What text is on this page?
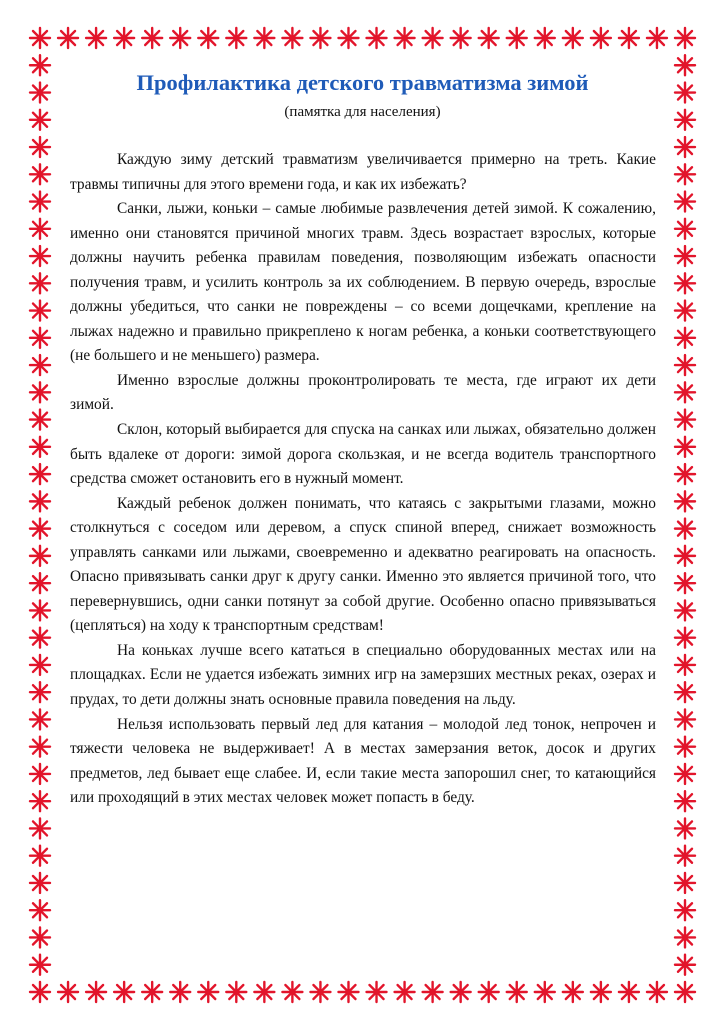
Профилактика детского травматизма зимой
(памятка для населения)

Каждую зиму детский травматизм увеличивается примерно на треть. Какие травмы типичны для этого времени года, и как их избежать?

Санки, лыжи, коньки – самые любимые развлечения детей зимой. К сожалению, именно они становятся причиной многих травм. Здесь возрастает взрослых, которые должны научить ребенка правилам поведения, позволяющим избежать опасности получения травм, и усилить контроль за их соблюдением. В первую очередь, взрослые должны убедиться, что санки не повреждены – со всеми дощечками, крепление на лыжах надежно и правильно прикреплено к ногам ребенка, а коньки соответствующего (не большего и не меньшего) размера.

Именно взрослые должны проконтролировать те места, где играют их дети зимой.

Склон, который выбирается для спуска на санках или лыжах, обязательно должен быть вдалеке от дороги: зимой дорога скользкая, и не всегда водитель транспортного средства сможет остановить его в нужный момент.

Каждый ребенок должен понимать, что катаясь с закрытыми глазами, можно столкнуться с соседом или деревом, а спуск спиной вперед, снижает возможность управлять санками или лыжами, своевременно и адекватно реагировать на опасность. Опасно привязывать санки друг к другу санки. Именно это является причиной того, что перевернувшись, одни санки потянут за собой другие. Особенно опасно привязываться (цепляться) на ходу к транспортным средствам!

На коньках лучше всего кататься в специально оборудованных местах или на площадках. Если не удается избежать зимних игр на замерзших местных реках, озерах и прудах, то дети должны знать основные правила поведения на льду.

Нельзя использовать первый лед для катания – молодой лед тонок, непрочен и тяжести человека не выдерживает! А в местах замерзания веток, досок и других предметов, лед бывает еще слабее. И, если такие места запорошил снег, то катающийся или проходящий в этих местах человек может попасть в беду.
